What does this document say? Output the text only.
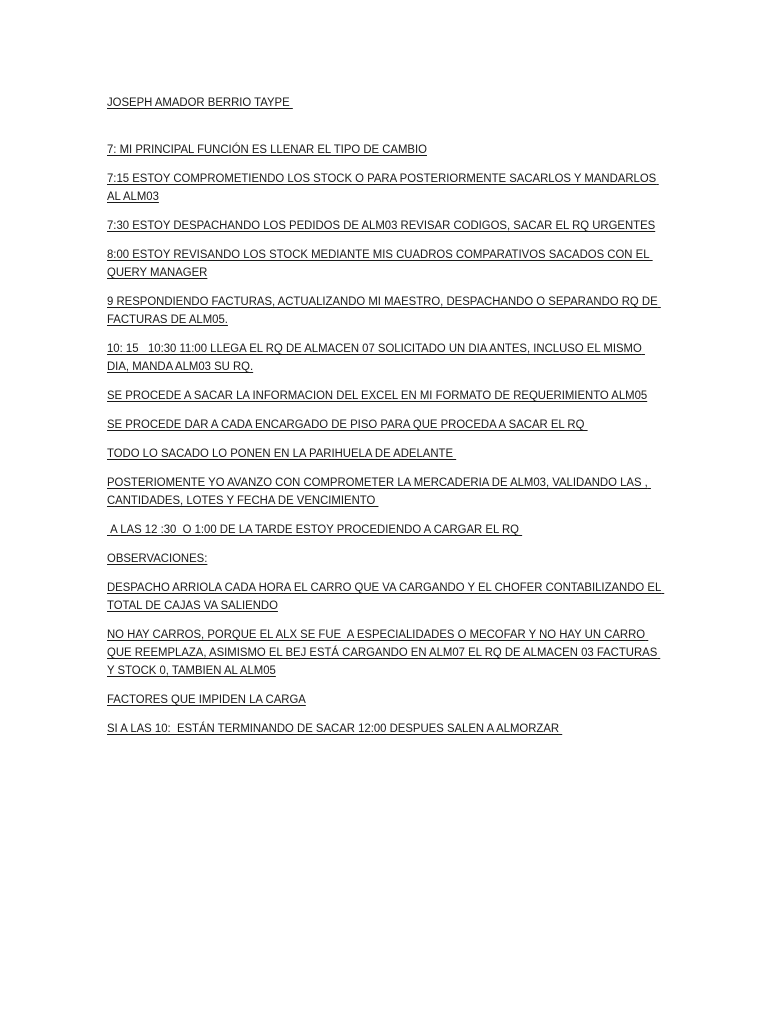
JOSEPH AMADOR BERRIO TAYPE

7: MI PRINCIPAL FUNCIÓN ES LLENAR EL TIPO DE CAMBIO

7:15 ESTOY COMPROMETIENDO LOS STOCK O PARA POSTERIORMENTE SACARLOS Y MANDARLOS AL ALM03

7:30 ESTOY DESPACHANDO LOS PEDIDOS DE ALM03 REVISAR CODIGOS, SACAR EL RQ URGENTES

8:00 ESTOY REVISANDO LOS STOCK MEDIANTE MIS CUADROS COMPARATIVOS SACADOS CON EL QUERY MANAGER

9 RESPONDIENDO FACTURAS, ACTUALIZANDO MI MAESTRO, DESPACHANDO O SEPARANDO RQ DE FACTURAS DE ALM05.

10: 15   10:30 11:00 LLEGA EL RQ DE ALMACEN 07 SOLICITADO UN DIA ANTES, INCLUSO EL MISMO DIA, MANDA ALM03 SU RQ.

SE PROCEDE A SACAR LA INFORMACION DEL EXCEL EN MI FORMATO DE REQUERIMIENTO ALM05

SE PROCEDE DAR A CADA ENCARGADO DE PISO PARA QUE PROCEDA A SACAR EL RQ

TODO LO SACADO LO PONEN EN LA PARIHUELA DE ADELANTE

POSTERIOMENTE YO AVANZO CON COMPROMETER LA MERCADERIA DE ALM03, VALIDANDO LAS , CANTIDADES, LOTES Y FECHA DE VENCIMIENTO

A LAS 12 :30  O 1:00 DE LA TARDE ESTOY PROCEDIENDO A CARGAR EL RQ

OBSERVACIONES:

DESPACHO ARRIOLA CADA HORA EL CARRO QUE VA CARGANDO Y EL CHOFER CONTABILIZANDO EL TOTAL DE CAJAS VA SALIENDO

NO HAY CARROS, PORQUE EL ALX SE FUE  A ESPECIALIDADES O MECOFAR Y NO HAY UN CARRO QUE REEMPLAZA, ASIMISMO EL BEJ ESTÁ CARGANDO EN ALM07 EL RQ DE ALMACEN 03 FACTURAS Y STOCK 0, TAMBIEN AL ALM05

FACTORES QUE IMPIDEN LA CARGA

SI A LAS 10:  ESTÁN TERMINANDO DE SACAR 12:00 DESPUES SALEN A ALMORZAR
